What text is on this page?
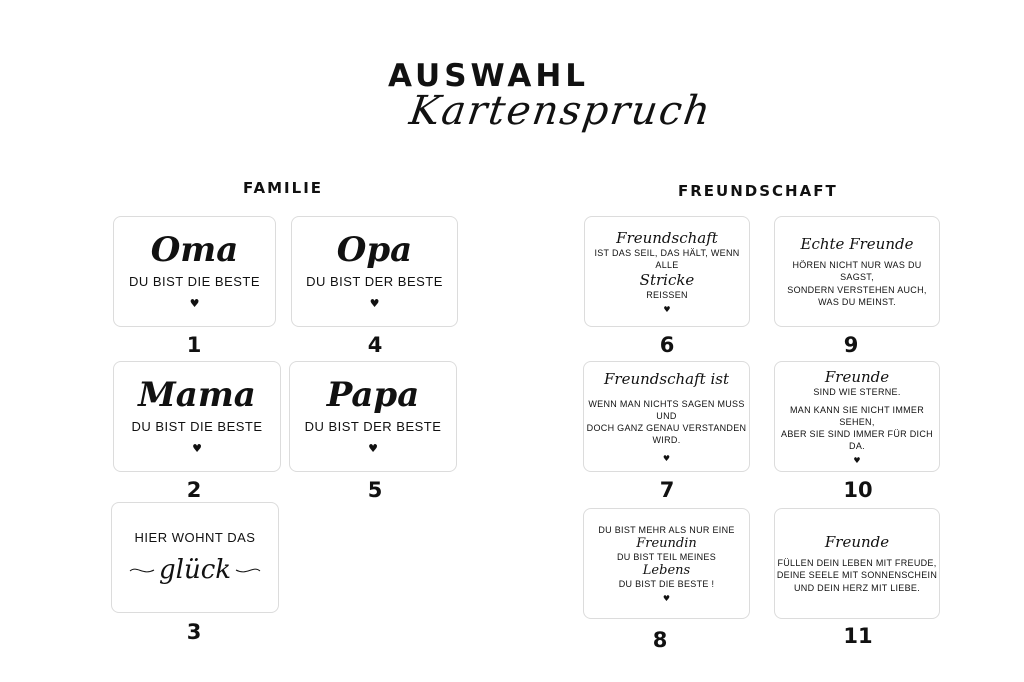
AUSWAHL
Kartenspruch
FAMILIE	FREUNDSCHAFT
Oma
DU BIST DIE BESTE
♥
1
Opa
DU BIST DER BESTE
♥
4
Mama
DU BIST DIE BESTE
♥
2
Papa
DU BIST DER BESTE
♥
5
HIER WOHNT DAS
glück
3
Freundschaft
IST DAS SEIL, DAS HÄLT, WENN ALLE
Stricke
REISSEN
♥
6
Echte Freunde
HÖREN NICHT NUR WAS DU SAGST,
SONDERN VERSTEHEN AUCH,
WAS DU MEINST.
9
Freundschaft ist
WENN MAN NICHTS SAGEN MUSS UND
DOCH GANZ GENAU VERSTANDEN WIRD.
♥
7
Freunde
SIND WIE STERNE.
MAN KANN SIE NICHT IMMER SEHEN,
ABER SIE SIND IMMER FÜR DICH DA.
♥
10
DU BIST MEHR ALS NUR EINE
Freundin
DU BIST TEIL MEINES
Lebens
DU BIST DIE BESTE !
♥
8
Freunde
FÜLLEN DEIN LEBEN MIT FREUDE,
DEINE SEELE MIT SONNENSCHEIN
UND DEIN HERZ MIT LIEBE.
11
